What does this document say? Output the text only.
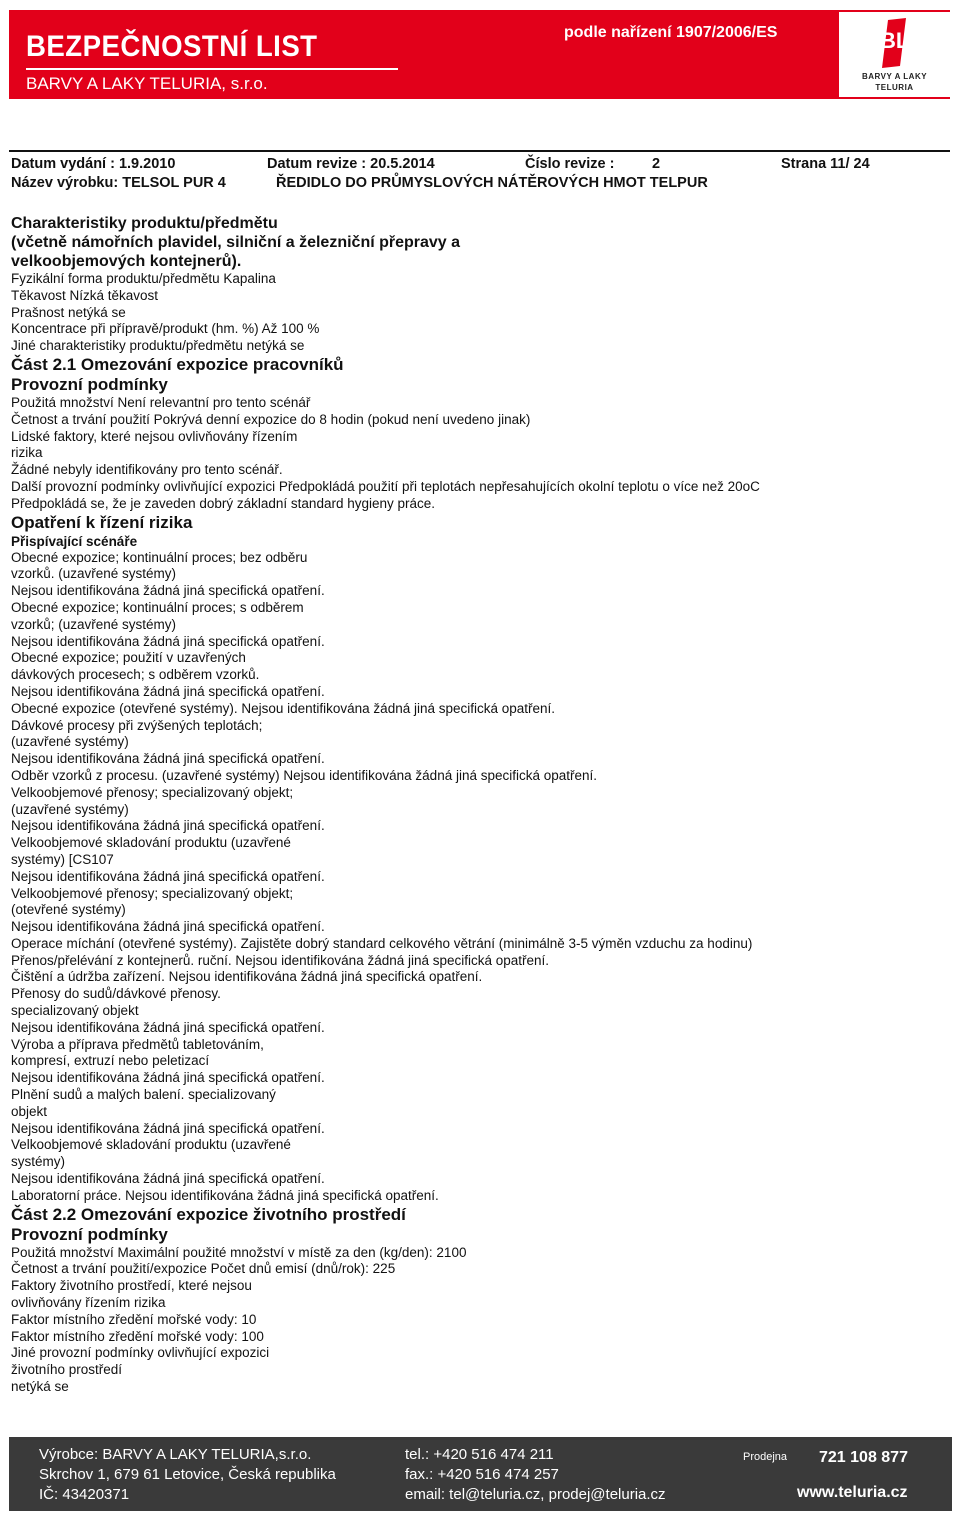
BEZPEČNOSTNÍ LIST
BARVY A LAKY TELURIA, s.r.o.
podle nařízení 1907/2006/ES	BL
BARVY A LAKY
TELURIA
Datum vydání : 1.9.2010	Datum revize : 20.5.2014	Číslo revize :	2	Strana 11/ 24
Název výrobku: TELSOL PUR 4	ŘEDIDLO DO PRŮMYSLOVÝCH NÁTĚROVÝCH HMOT TELPUR
Charakteristiky produktu/předmětu
(včetně námořních plavidel, silniční a železniční přepravy a
velkoobjemových kontejnerů).
Fyzikální forma produktu/předmětu Kapalina
Těkavost Nízká těkavost
Prašnost netýká se
Koncentrace při přípravě/produkt (hm. %) Až 100 %
Jiné charakteristiky produktu/předmětu netýká se
Část 2.1 Omezování expozice pracovníků
Provozní podmínky
Použitá množství Není relevantní pro tento scénář
Četnost a trvání použití Pokrývá denní expozice do 8 hodin (pokud není uvedeno jinak)
Lidské faktory, které nejsou ovlivňovány řízením
rizika
Žádné nebyly identifikovány pro tento scénář.
Další provozní podmínky ovlivňující expozici Předpokládá použití při teplotách nepřesahujících okolní teplotu o více než 20oC
Předpokládá se, že je zaveden dobrý základní standard hygieny práce.
Opatření k řízení rizika
Přispívající scénáře
Obecné expozice; kontinuální proces; bez odběru
vzorků. (uzavřené systémy)
Nejsou identifikována žádná jiná specifická opatření.
Obecné expozice; kontinuální proces; s odběrem
vzorků; (uzavřené systémy)
Nejsou identifikována žádná jiná specifická opatření.
Obecné expozice; použití v uzavřených
dávkových procesech; s odběrem vzorků.
Nejsou identifikována žádná jiná specifická opatření.
Obecné expozice (otevřené systémy). Nejsou identifikována žádná jiná specifická opatření.
Dávkové procesy při zvýšených teplotách;
(uzavřené systémy)
Nejsou identifikována žádná jiná specifická opatření.
Odběr vzorků z procesu. (uzavřené systémy) Nejsou identifikována žádná jiná specifická opatření.
Velkoobjemové přenosy; specializovaný objekt;
(uzavřené systémy)
Nejsou identifikována žádná jiná specifická opatření.
Velkoobjemové skladování produktu (uzavřené
systémy) [CS107
Nejsou identifikována žádná jiná specifická opatření.
Velkoobjemové přenosy; specializovaný objekt;
(otevřené systémy)
Nejsou identifikována žádná jiná specifická opatření.
Operace míchání (otevřené systémy). Zajistěte dobrý standard celkového větrání (minimálně 3-5 výměn vzduchu za hodinu)
Přenos/přelévání z kontejnerů. ruční. Nejsou identifikována žádná jiná specifická opatření.
Čištění a údržba zařízení. Nejsou identifikována žádná jiná specifická opatření.
Přenosy do sudů/dávkové přenosy.
specializovaný objekt
Nejsou identifikována žádná jiná specifická opatření.
Výroba a příprava předmětů tabletováním,
kompresí, extruzí nebo peletizací
Nejsou identifikována žádná jiná specifická opatření.
Plnění sudů a malých balení. specializovaný
objekt
Nejsou identifikována žádná jiná specifická opatření.
Velkoobjemové skladování produktu (uzavřené
systémy)
Nejsou identifikována žádná jiná specifická opatření.
Laboratorní práce. Nejsou identifikována žádná jiná specifická opatření.
Část 2.2 Omezování expozice životního prostředí
Provozní podmínky
Použitá množství Maximální použité množství v místě za den (kg/den): 2100
Četnost a trvání použití/expozice Počet dnů emisí (dnů/rok): 225
Faktory životního prostředí, které nejsou
ovlivňovány řízením rizika
Faktor místního zředění mořské vody: 10
Faktor místního zředění mořské vody: 100
Jiné provozní podmínky ovlivňující expozici
životního prostředí
netýká se
Výrobce: BARVY A LAKY TELURIA,s.r.o.
Skrchov 1, 679 61 Letovice, Česká republika
IČ: 43420371
tel.: +420 516 474 211
fax.: +420 516 474 257
email: tel@teluria.cz, prodej@teluria.cz
Prodejna 721 108 877
www.teluria.cz
